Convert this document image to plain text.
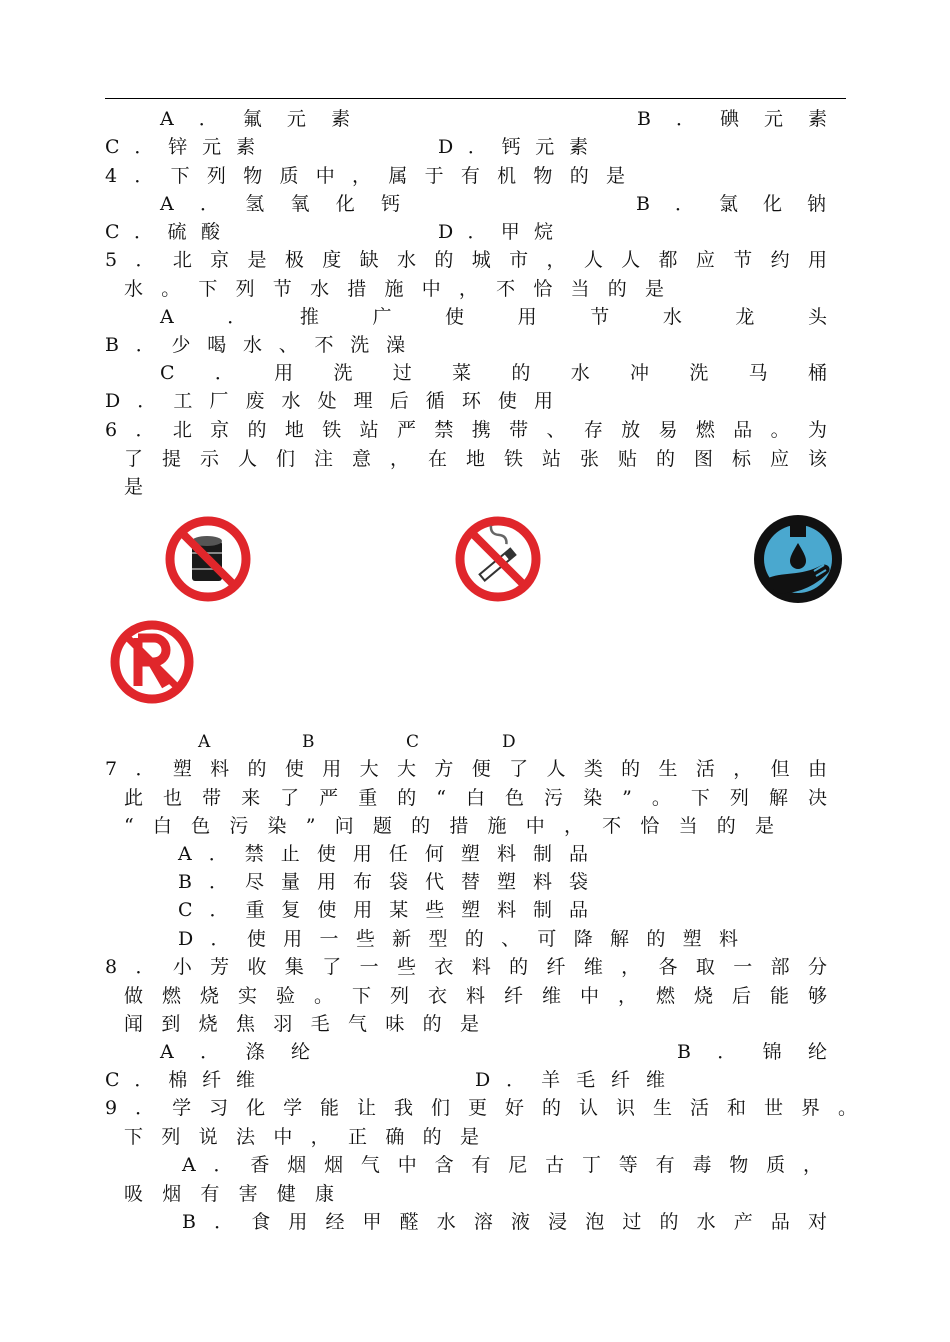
A．氟元素	B．碘元素
C．锌元素	D．钙元素
4．下列物质中，属于有机物的是
A．氢氧化钙	B．氯化钠
C．硫酸	D．甲烷
5．北京是极度缺水的城市，人人都应节约用
水。下列节水措施中，不恰当的是
A．推广使用节水龙头
B．少喝水、不洗澡
C．用洗过菜的水冲洗马桶
D．工厂废水处理后循环使用
6．北京的地铁站严禁携带、存放易燃品。为
了提示人们注意，在地铁站张贴的图标应该
是
A	B	C	D
7．塑料的使用大大方便了人类的生活，但由
此也带来了严重的“白色污染”。下列解决
“白色污染”问题的措施中，不恰当的是
A．禁止使用任何塑料制品
B．尽量用布袋代替塑料袋
C．重复使用某些塑料制品
D．使用一些新型的、可降解的塑料
8．小芳收集了一些衣料的纤维，各取一部分
做燃烧实验。下列衣料纤维中，燃烧后能够
闻到烧焦羽毛气味的是
A．涤纶	B．锦纶
C．棉纤维	D．羊毛纤维
9．学习化学能让我们更好的认识生活和世界。
下列说法中，正确的是
A．香烟烟气中含有尼古丁等有毒物质，
吸烟有害健康
B．食用经甲醛水溶液浸泡过的水产品对
